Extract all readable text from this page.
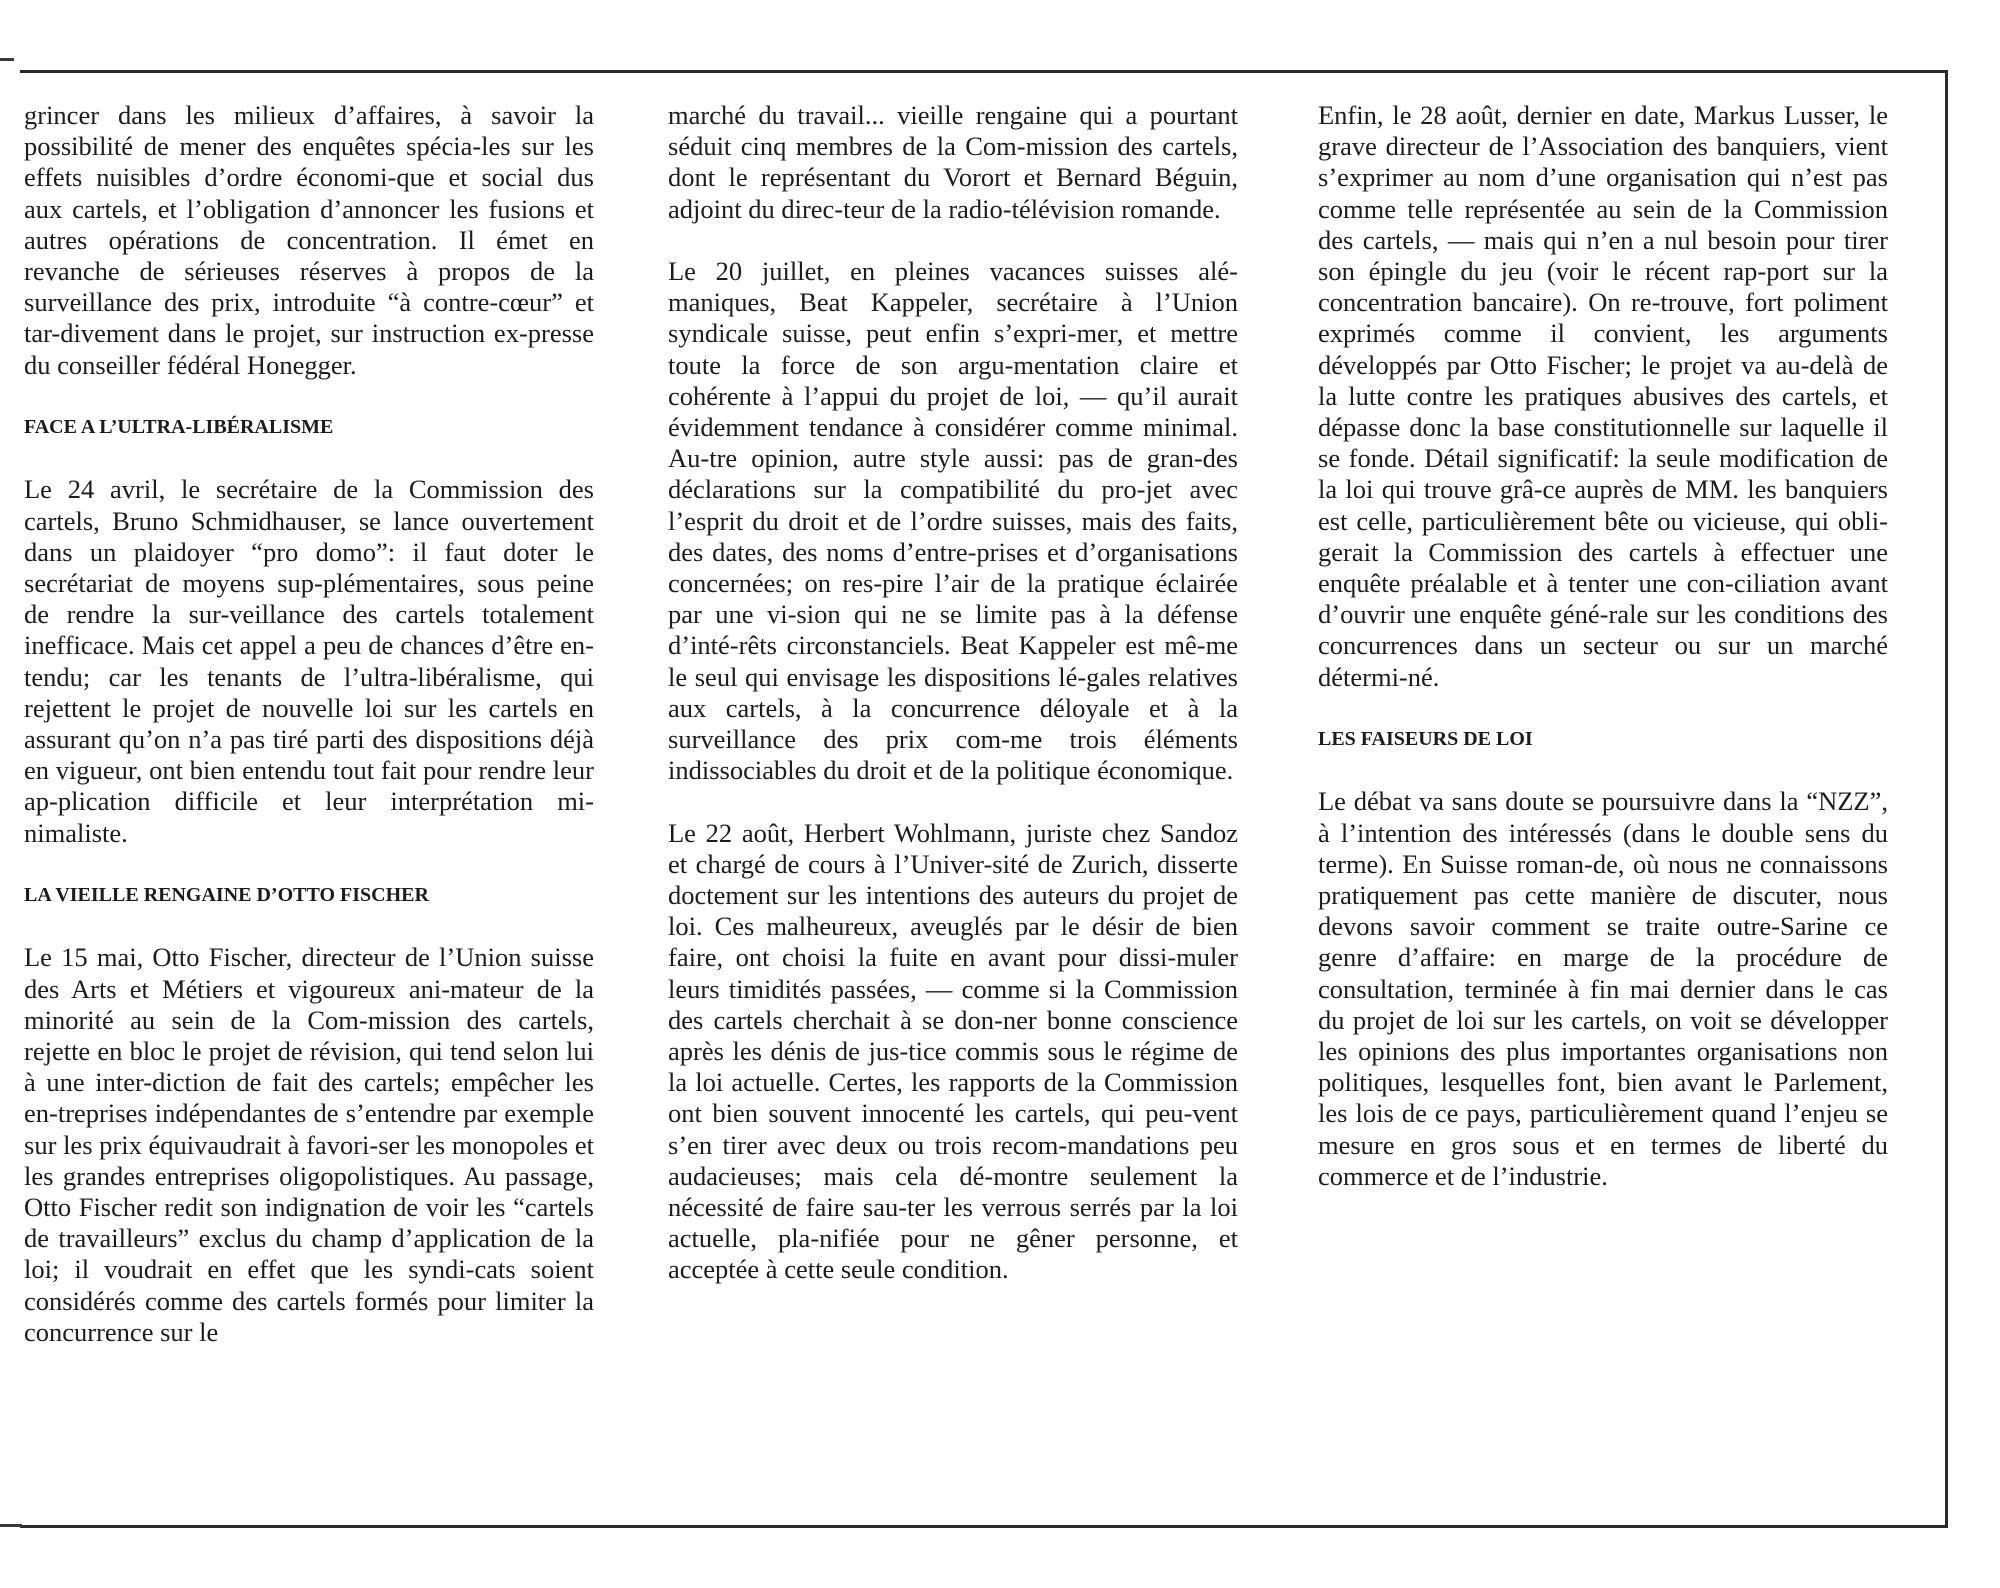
grincer dans les milieux d’affaires, à savoir la possibilité de mener des enquêtes spécia-les sur les effets nuisibles d’ordre économi-que et social dus aux cartels, et l’obligation d’annoncer les fusions et autres opérations de concentration. Il émet en revanche de sérieuses réserves à propos de la surveillance des prix, introduite “à contre-cœur” et tar-divement dans le projet, sur instruction ex-presse du conseiller fédéral Honegger.

FACE A L’ULTRA-LIBÉRALISME

Le 24 avril, le secrétaire de la Commission des cartels, Bruno Schmidhauser, se lance ouvertement dans un plaidoyer “pro domo”: il faut doter le secrétariat de moyens sup-plémentaires, sous peine de rendre la sur-veillance des cartels totalement inefficace. Mais cet appel a peu de chances d’être en-tendu; car les tenants de l’ultra-libéralisme, qui rejettent le projet de nouvelle loi sur les cartels en assurant qu’on n’a pas tiré parti des dispositions déjà en vigueur, ont bien entendu tout fait pour rendre leur ap-plication difficile et leur interprétation mi-nimaliste.

LA VIEILLE RENGAINE D’OTTO FISCHER

Le 15 mai, Otto Fischer, directeur de l’Union suisse des Arts et Métiers et vigoureux ani-mateur de la minorité au sein de la Com-mission des cartels, rejette en bloc le projet de révision, qui tend selon lui à une inter-diction de fait des cartels; empêcher les en-treprises indépendantes de s’entendre par exemple sur les prix équivaudrait à favori-ser les monopoles et les grandes entreprises oligopolistiques. Au passage, Otto Fischer redit son indignation de voir les “cartels de travailleurs” exclus du champ d’application de la loi; il voudrait en effet que les syndi-cats soient considérés comme des cartels formés pour limiter la concurrence sur le

marché du travail... vieille rengaine qui a pourtant séduit cinq membres de la Com-mission des cartels, dont le représentant du Vorort et Bernard Béguin, adjoint du direc-teur de la radio-télévision romande.

Le 20 juillet, en pleines vacances suisses alé-maniques, Beat Kappeler, secrétaire à l’Union syndicale suisse, peut enfin s’expri-mer, et mettre toute la force de son argu-mentation claire et cohérente à l’appui du projet de loi, — qu’il aurait évidemment tendance à considérer comme minimal. Au-tre opinion, autre style aussi: pas de gran-des déclarations sur la compatibilité du pro-jet avec l’esprit du droit et de l’ordre suisses, mais des faits, des dates, des noms d’entre-prises et d’organisations concernées; on res-pire l’air de la pratique éclairée par une vi-sion qui ne se limite pas à la défense d’inté-rêts circonstanciels. Beat Kappeler est mê-me le seul qui envisage les dispositions lé-gales relatives aux cartels, à la concurrence déloyale et à la surveillance des prix com-me trois éléments indissociables du droit et de la politique économique.

Le 22 août, Herbert Wohlmann, juriste chez Sandoz et chargé de cours à l’Univer-sité de Zurich, disserte doctement sur les intentions des auteurs du projet de loi. Ces malheureux, aveuglés par le désir de bien faire, ont choisi la fuite en avant pour dissi-muler leurs timidités passées, — comme si la Commission des cartels cherchait à se don-ner bonne conscience après les dénis de jus-tice commis sous le régime de la loi actuelle. Certes, les rapports de la Commission ont bien souvent innocenté les cartels, qui peu-vent s’en tirer avec deux ou trois recom-mandations peu audacieuses; mais cela dé-montre seulement la nécessité de faire sau-ter les verrous serrés par la loi actuelle, pla-nifiée pour ne gêner personne, et acceptée à cette seule condition.

Enfin, le 28 août, dernier en date, Markus Lusser, le grave directeur de l’Association des banquiers, vient s’exprimer au nom d’une organisation qui n’est pas comme telle représentée au sein de la Commission des cartels, — mais qui n’en a nul besoin pour tirer son épingle du jeu (voir le récent rap-port sur la concentration bancaire). On re-trouve, fort poliment exprimés comme il convient, les arguments développés par Otto Fischer; le projet va au-delà de la lutte contre les pratiques abusives des cartels, et dépasse donc la base constitutionnelle sur laquelle il se fonde. Détail significatif: la seule modification de la loi qui trouve grâ-ce auprès de MM. les banquiers est celle, particulièrement bête ou vicieuse, qui obli-gerait la Commission des cartels à effectuer une enquête préalable et à tenter une con-ciliation avant d’ouvrir une enquête géné-rale sur les conditions des concurrences dans un secteur ou sur un marché détermi-né.

LES FAISEURS DE LOI

Le débat va sans doute se poursuivre dans la “NZZ”, à l’intention des intéressés (dans le double sens du terme). En Suisse roman-de, où nous ne connaissons pratiquement pas cette manière de discuter, nous devons savoir comment se traite outre-Sarine ce genre d’affaire: en marge de la procédure de consultation, terminée à fin mai dernier dans le cas du projet de loi sur les cartels, on voit se développer les opinions des plus importantes organisations non politiques, lesquelles font, bien avant le Parlement, les lois de ce pays, particulièrement quand l’enjeu se mesure en gros sous et en termes de liberté du commerce et de l’industrie.
